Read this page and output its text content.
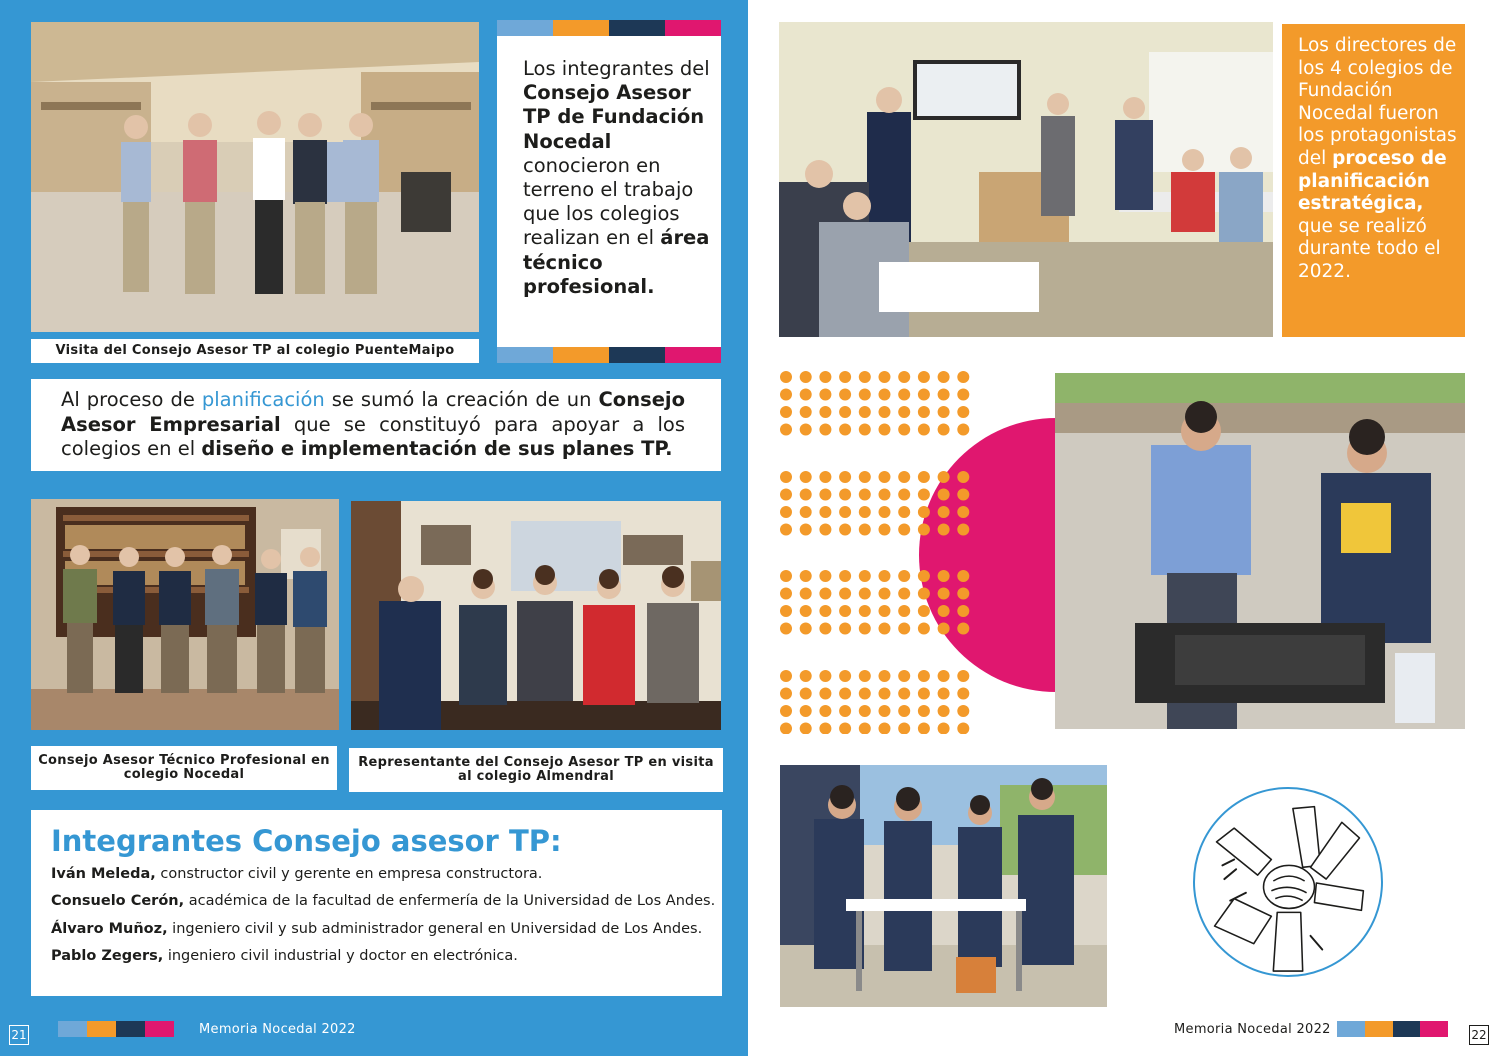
Visita del Consejo Asesor TP al colegio PuenteMaipo
Los integrantes del Consejo Asesor TP de Fundación Nocedal conocieron en terreno el trabajo que los colegios realizan en el área técnico profesional.
Al proceso de planificación se sumó la creación de un Consejo Asesor Empresarial que se constituyó para apoyar a los colegios en el diseño e implementación de sus planes TP.
Consejo Asesor Técnico Profesional en colegio Nocedal
Representante del Consejo Asesor TP en visita al colegio Almendral
Integrantes Consejo asesor TP:
Iván Meleda, constructor civil y gerente en empresa constructora.
Consuelo Cerón, académica de la facultad de enfermería de la Universidad de Los Andes.
Álvaro Muñoz, ingeniero civil y sub administrador general en Universidad de Los Andes.
Pablo Zegers, ingeniero civil industrial y doctor en electrónica.
21	Memoria Nocedal 2022
Los directores de los 4 colegios de Fundación Nocedal fueron los protagonistas del proceso de planificación estratégica, que se realizó durante todo el 2022.
Memoria Nocedal 2022	22
